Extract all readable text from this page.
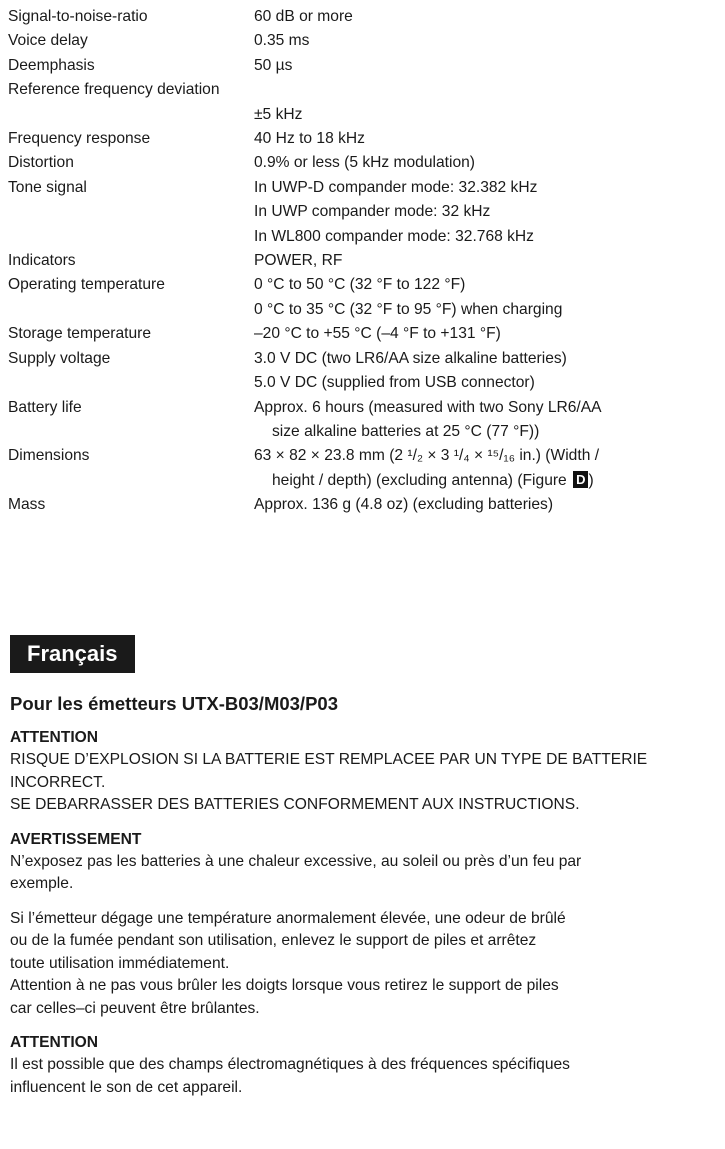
Signal-to-noise-ratio	60 dB or more
Voice delay	0.35 ms
Deemphasis	50 µs
Reference frequency deviation
±5 kHz
Frequency response	40 Hz to 18 kHz
Distortion	0.9% or less (5 kHz modulation)
Tone signal	In UWP-D compander mode: 32.382 kHz
In UWP compander mode: 32 kHz
In WL800 compander mode: 32.768 kHz
Indicators	POWER, RF
Operating temperature	0 °C to 50 °C (32 °F to 122 °F)
0 °C to 35 °C (32 °F to 95 °F) when charging
Storage temperature	–20 °C to +55 °C (–4 °F to +131 °F)
Supply voltage	3.0 V DC (two LR6/AA size alkaline batteries)
5.0 V DC (supplied from USB connector)
Battery life	Approx. 6 hours (measured with two Sony LR6/AA
size alkaline batteries at 25 °C (77 °F))
Dimensions	63 × 82 × 23.8 mm (2 ¹/₂ × 3 ¹/₄ × ¹⁵/₁₆ in.) (Width /
height / depth) (excluding antenna) (Figure D )
Mass	Approx. 136 g (4.8 oz) (excluding batteries)
Français
Pour les émetteurs UTX-B03/M03/P03
ATTENTION
RISQUE D’EXPLOSION SI LA BATTERIE EST REMPLACEE PAR UN TYPE DE BATTERIE
INCORRECT.
SE DEBARRASSER DES BATTERIES CONFORMEMENT AUX INSTRUCTIONS.
AVERTISSEMENT
N’exposez pas les batteries à une chaleur excessive, au soleil ou près d’un feu par
exemple.
Si l’émetteur dégage une température anormalement élevée, une odeur de brûlé
ou de la fumée pendant son utilisation, enlevez le support de piles et arrêtez
toute utilisation immédiatement.
Attention à ne pas vous brûler les doigts lorsque vous retirez le support de piles
car celles–ci peuvent être brûlantes.
ATTENTION
Il est possible que des champs électromagnétiques à des fréquences spécifiques
influencent le son de cet appareil.
